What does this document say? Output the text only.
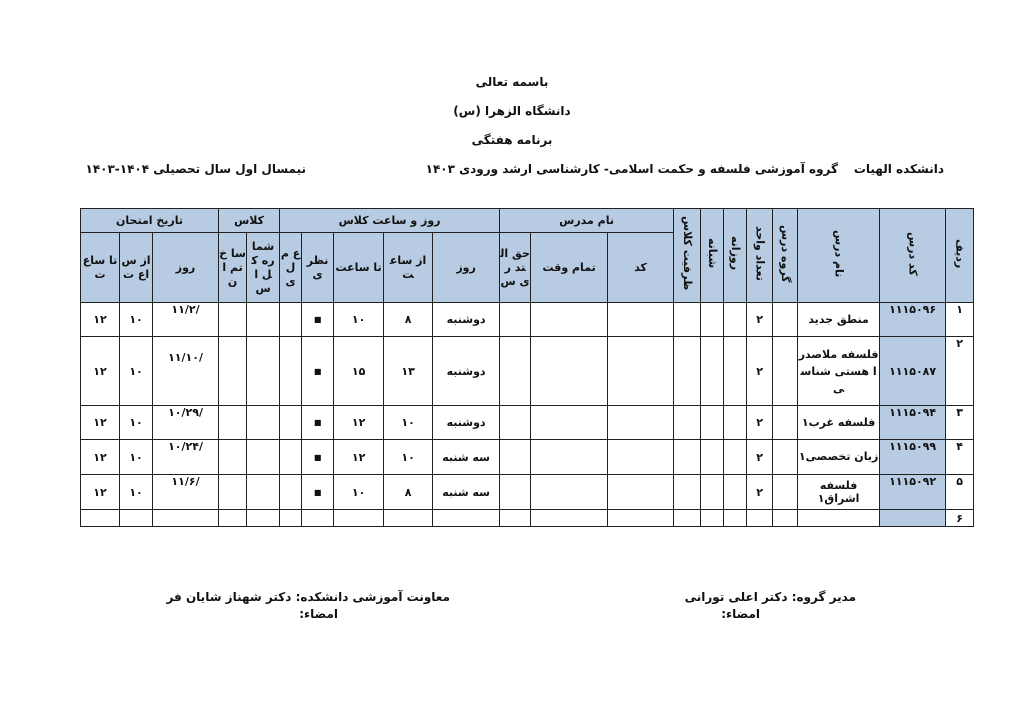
باسمه تعالی
دانشگاه الزهرا (س)
برنامه هفتگی
دانشکده الهیات
گروه آموزشی فلسفه و حکمت اسلامی- کارشناسی ارشد ورودی ۱۴۰۳
نیمسال اول سال تحصیلی ۱۴۰۴-۱۴۰۳
ردیف	کد درس	نام درس	گروه درس	تعداد واحد	روزانه	شبانه	ظرفیت کلاس	نام مدرس			روز و ساعت کلاس					کلاس		تاریخ امتحان		
								کد	تمام وقت	حق التد ری س	روز	از ساعت	تا ساعت	نظر ی	ع م ل ی	شما ره کل اس	سا خ تم ان	روز	از س اع ت	تا ساع ت
۱	۱۱۱۵۰۹۶	منطق جدید		۲							دوشنبه	۸	۱۰	■				/۱۱/۲	۱۰	۱۲
۲	۱۱۱۵۰۸۷	فلسفه ملاصدرا هستی شناسی		۲							دوشنبه	۱۳	۱۵	■				/۱۱/۱۰	۱۰	۱۲
۳	۱۱۱۵۰۹۴	فلسفه غرب۱		۲							دوشنبه	۱۰	۱۲	■				/۱۰/۲۹	۱۰	۱۲
۴	۱۱۱۵۰۹۹	زبان تخصصی۱		۲							سه شنبه	۱۰	۱۲	■				/۱۰/۲۴	۱۰	۱۲
۵	۱۱۱۵۰۹۲	فلسفه اشراق۱		۲							سه شنبه	۸	۱۰	■				/۱۱/۶	۱۰	۱۲
۶																				
مدیر گروه: دکتر اعلی تورانی
امضاء:
معاونت آموزشی دانشکده: دکتر شهناز شایان فر
امضاء:
